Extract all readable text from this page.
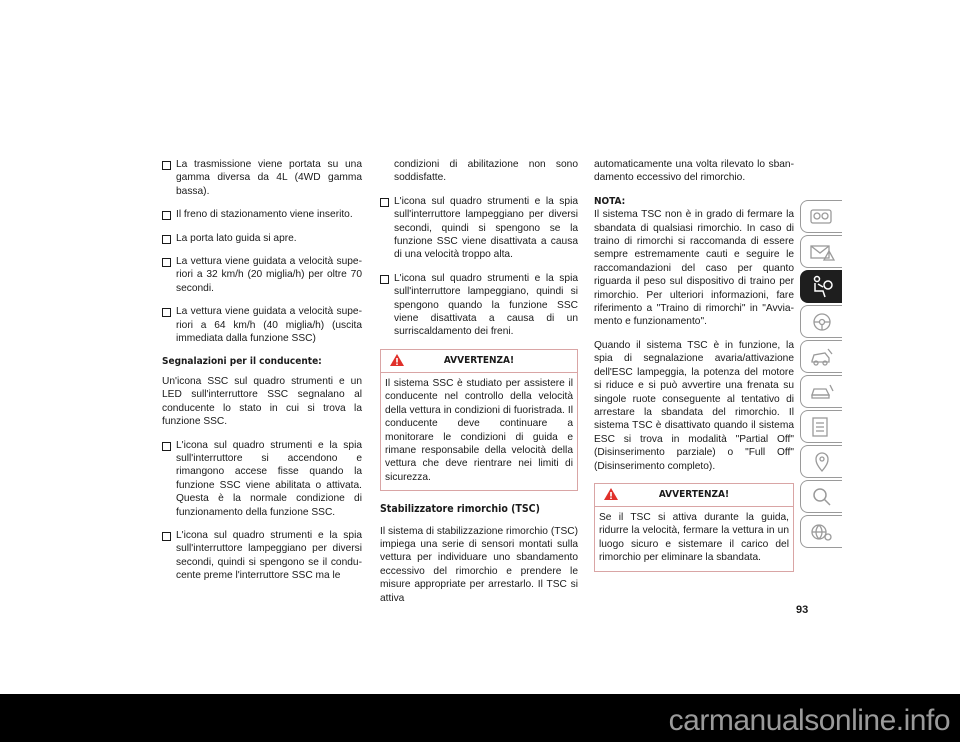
La trasmissione viene portata su una gamma diversa da 4L (4WD gamma bassa).
Il freno di stazionamento viene inserito.
La porta lato guida si apre.
La vettura viene guidata a velocità superiori a 32 km/h (20 miglia/h) per oltre 70 secondi.
La vettura viene guidata a velocità superiori a 64 km/h (40 miglia/h) (uscita immediata dalla funzione SSC)
Segnalazioni per il conducente:
Un'icona SSC sul quadro strumenti e un LED sull'interruttore SSC segnalano al conducente lo stato in cui si trova la funzione SSC.
L'icona sul quadro strumenti e la spia sull'interruttore si accendono e rimangono accese fisse quando la funzione SSC viene abilitata o attivata. Questa è la normale condizione di funzionamento della funzione SSC.
L'icona sul quadro strumenti e la spia sull'interruttore lampeggiano per diversi secondi, quindi si spengono se il conducente preme l'interruttore SSC ma le
condizioni di abilitazione non sono soddisfatte.
L'icona sul quadro strumenti e la spia sull'interruttore lampeggiano per diversi secondi, quindi si spengono se la funzione SSC viene disattivata a causa di una velocità troppo alta.
L'icona sul quadro strumenti e la spia sull'interruttore lampeggiano, quindi si spengono quando la funzione SSC viene disattivata a causa di un surriscaldamento dei freni.
AVVERTENZA!
Il sistema SSC è studiato per assistere il conducente nel controllo della velocità della vettura in condizioni di fuoristrada. Il conducente deve continuare a monitorare le condizioni di guida e rimane responsabile della velocità della vettura che deve rientrare nei limiti di sicurezza.
Stabilizzatore rimorchio (TSC)
Il sistema di stabilizzazione rimorchio (TSC) impiega una serie di sensori montati sulla vettura per individuare uno sbandamento eccessivo del rimorchio e prendere le misure appropriate per arrestarlo. Il TSC si attiva
automaticamente una volta rilevato lo sbandamento eccessivo del rimorchio.
NOTA:
Il sistema TSC non è in grado di fermare la sbandata di qualsiasi rimorchio. In caso di traino di rimorchi si raccomanda di essere sempre estremamente cauti e seguire le raccomandazioni del caso per quanto riguarda il peso sul dispositivo di traino per rimorchio. Per ulteriori informazioni, fare riferimento a "Traino di rimorchi" in "Avviamento e funzionamento".
Quando il sistema TSC è in funzione, la spia di segnalazione avaria/attivazione dell'ESC lampeggia, la potenza del motore si riduce e si può avvertire una frenata su singole ruote conseguente al tentativo di arrestare la sbandata del rimorchio. Il sistema TSC è disattivato quando il sistema ESC si trova in modalità "Partial Off" (Disinserimento parziale) o "Full Off" (Disinserimento completo).
AVVERTENZA!
Se il TSC si attiva durante la guida, ridurre la velocità, fermare la vettura in un luogo sicuro e sistemare il carico del rimorchio per eliminare la sbandata.
93
carmanualsonline.info
